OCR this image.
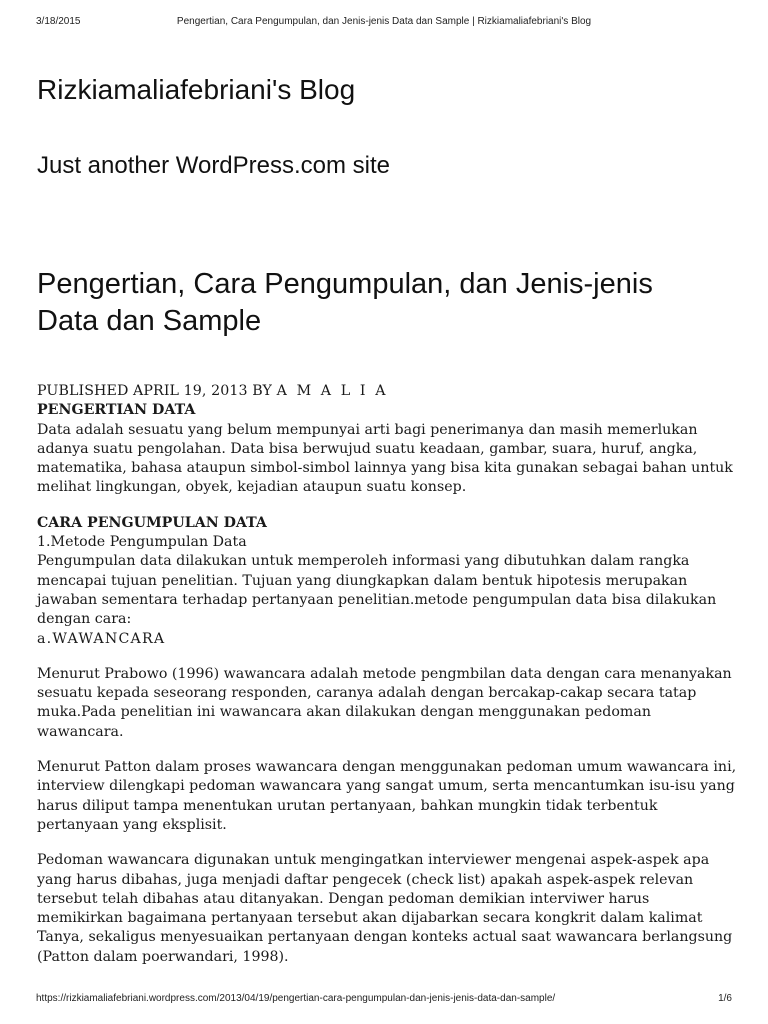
3/18/2015	Pengertian, Cara Pengumpulan, dan Jenis-jenis Data dan Sample | Rizkiamaliafebriani's Blog
Rizkiamaliafebriani's Blog
Just another WordPress.com site
Pengertian, Cara Pengumpulan, dan Jenis-jenis Data dan Sample

PUBLISHED APRIL 19, 2013 BY A M A L I A

PENGERTIAN DATA

Data adalah sesuatu yang belum mempunyai arti bagi penerimanya dan masih memerlukan adanya suatu pengolahan. Data bisa berwujud suatu keadaan, gambar, suara, huruf, angka, matematika, bahasa ataupun simbol-simbol lainnya yang bisa kita gunakan sebagai bahan untuk melihat lingkungan, obyek, kejadian ataupun suatu konsep.

CARA PENGUMPULAN DATA

1.Metode Pengumpulan Data

Pengumpulan data dilakukan untuk memperoleh informasi yang dibutuhkan dalam rangka mencapai tujuan penelitian. Tujuan yang diungkapkan dalam bentuk hipotesis merupakan jawaban sementara terhadap pertanyaan penelitian.metode pengumpulan data bisa dilakukan dengan cara:

a.WAWANCARA

Menurut Prabowo (1996) wawancara adalah metode pengmbilan data dengan cara menanyakan sesuatu kepada seseorang responden, caranya adalah dengan bercakap-cakap secara tatap muka.Pada penelitian ini wawancara akan dilakukan dengan menggunakan pedoman wawancara.

Menurut Patton dalam proses wawancara dengan menggunakan pedoman umum wawancara ini, interview dilengkapi pedoman wawancara yang sangat umum, serta mencantumkan isu-isu yang harus diliput tampa menentukan urutan pertanyaan, bahkan mungkin tidak terbentuk pertanyaan yang eksplisit.

Pedoman wawancara digunakan untuk mengingatkan interviewer mengenai aspek-aspek apa yang harus dibahas, juga menjadi daftar pengecek (check list) apakah aspek-aspek relevan tersebut telah dibahas atau ditanyakan. Dengan pedoman demikian interviwer harus memikirkan bagaimana pertanyaan tersebut akan dijabarkan secara kongkrit dalam kalimat Tanya, sekaligus menyesuaikan pertanyaan dengan konteks actual saat wawancara berlangsung (Patton dalam poerwandari, 1998).

https://rizkiamaliafebriani.wordpress.com/2013/04/19/pengertian-cara-pengumpulan-dan-jenis-jenis-data-dan-sample/	1/6
